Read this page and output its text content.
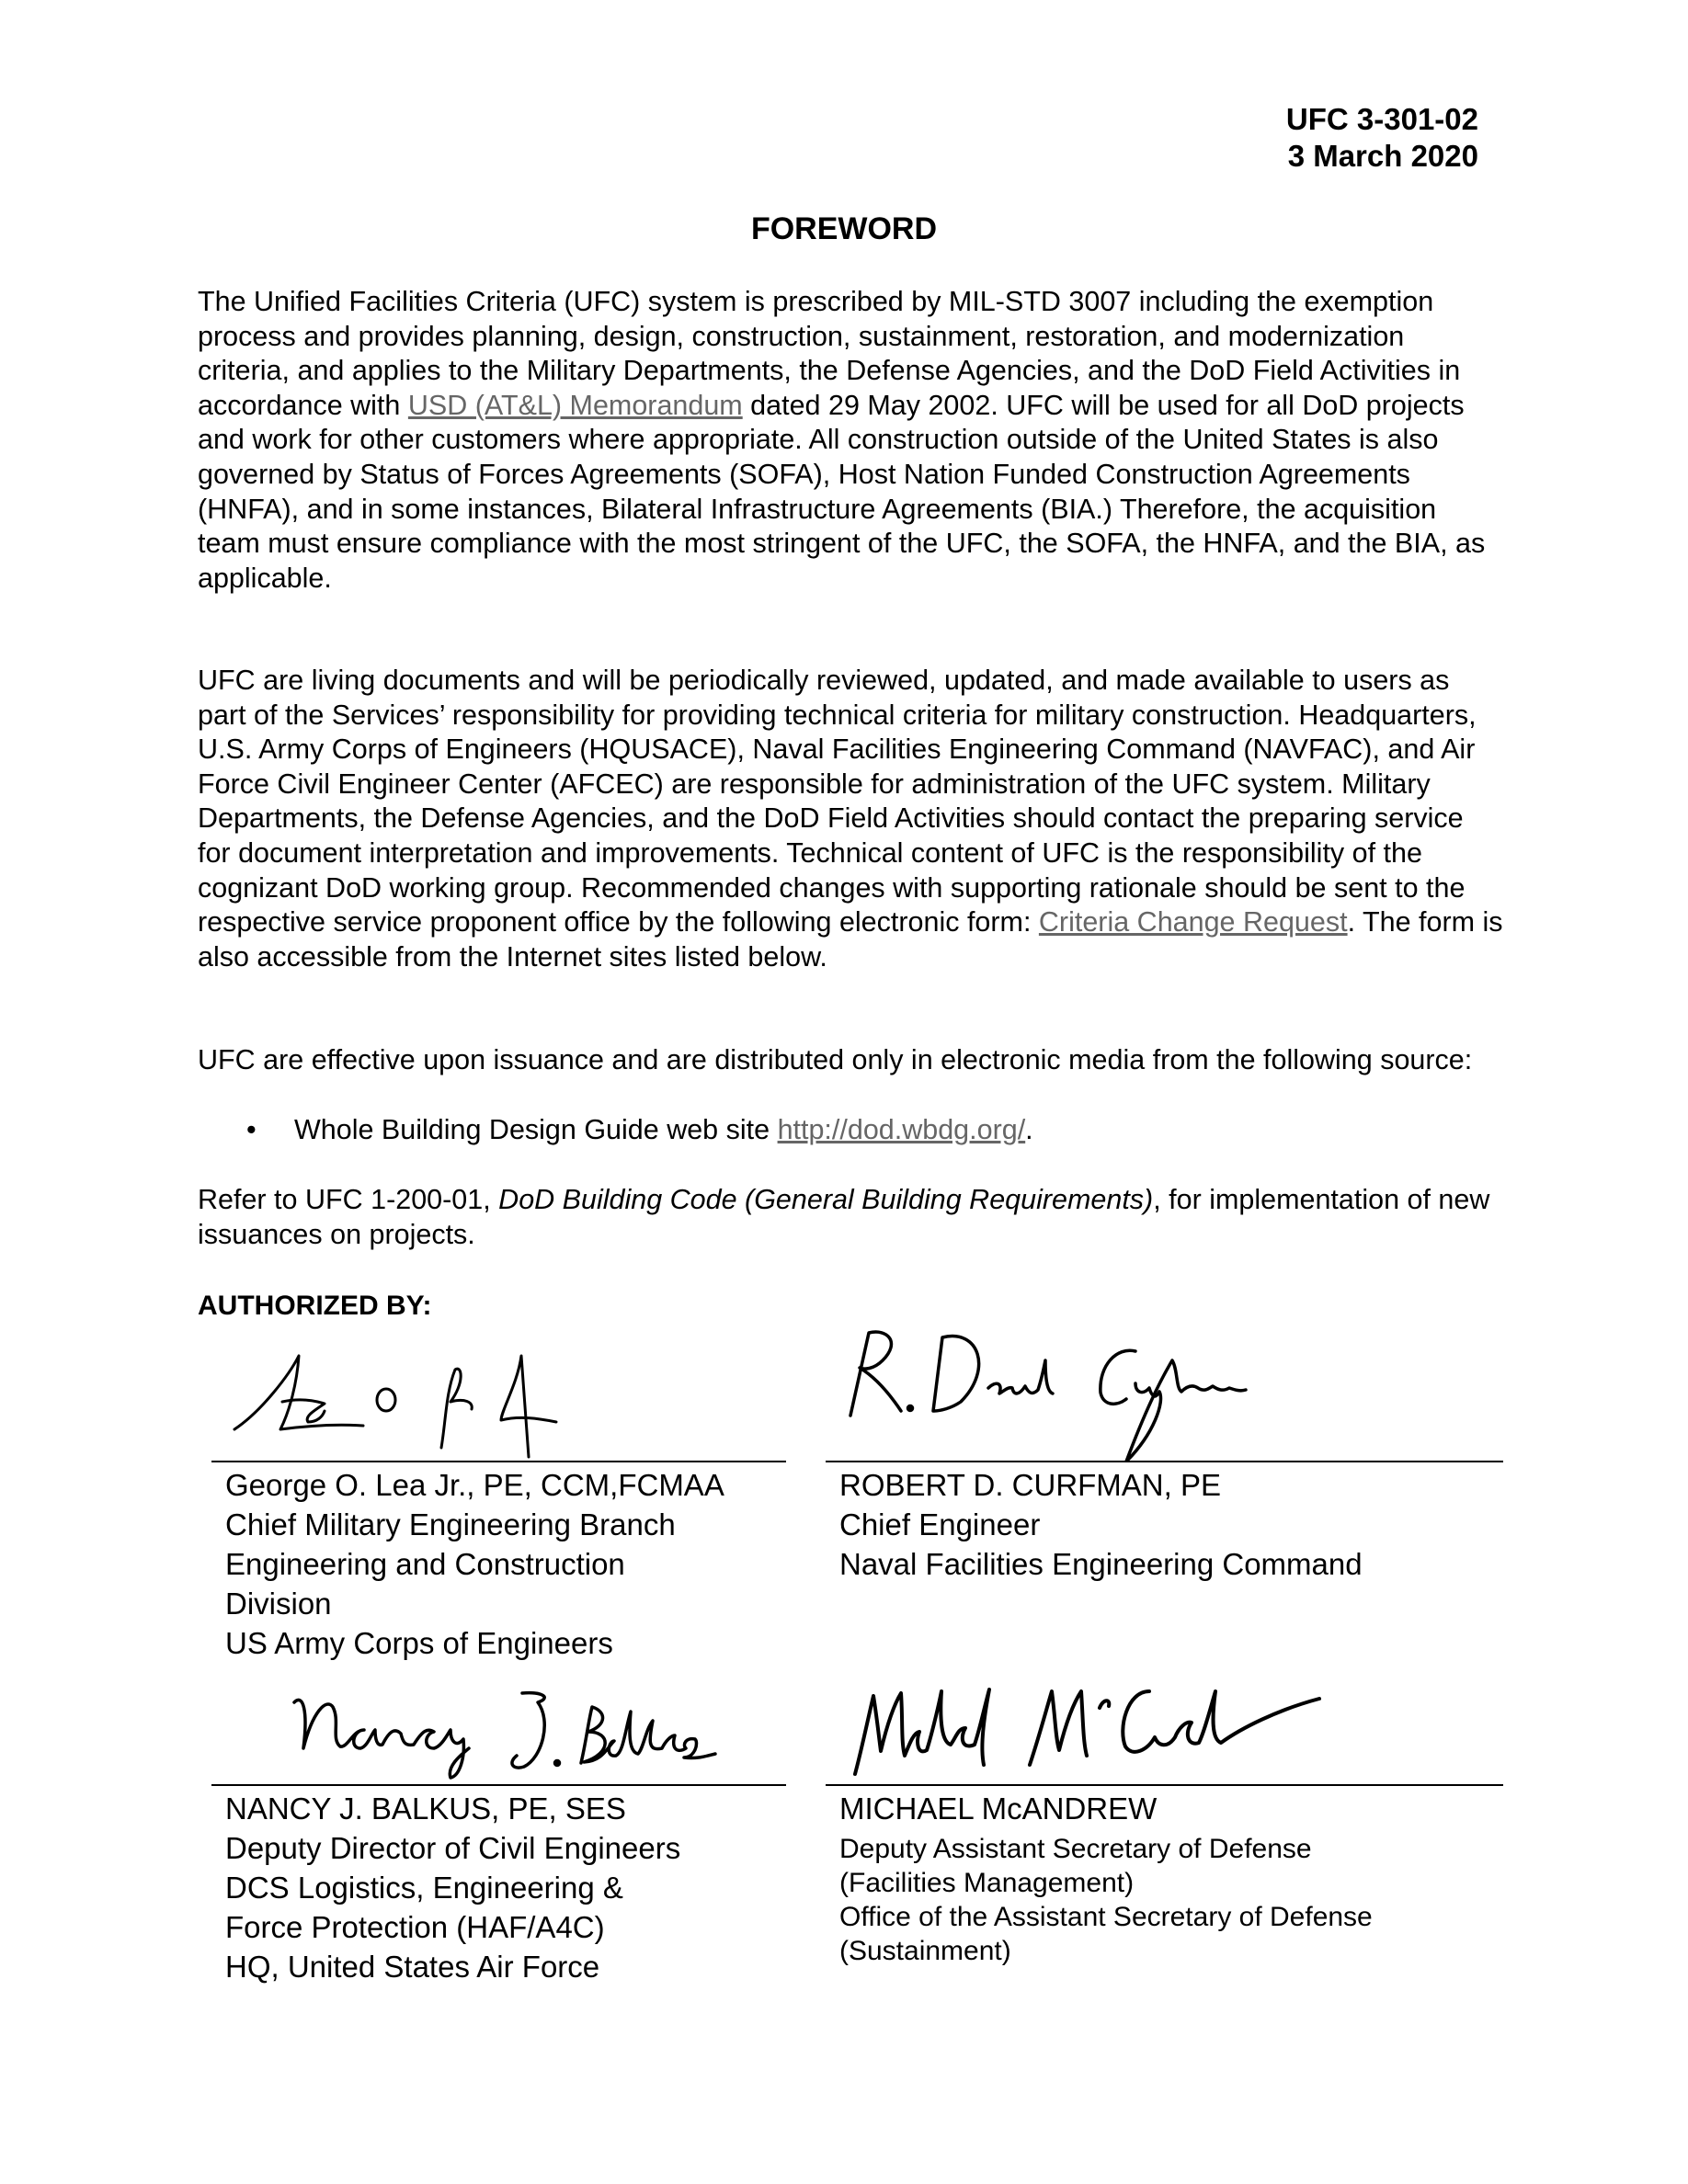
UFC 3-301-02
3 March 2020
FOREWORD

The Unified Facilities Criteria (UFC) system is prescribed by MIL-STD 3007 including the exemption process and provides planning, design, construction, sustainment, restoration, and modernization criteria, and applies to the Military Departments, the Defense Agencies, and the DoD Field Activities in accordance with USD (AT&L) Memorandum dated 29 May 2002. UFC will be used for all DoD projects and work for other customers where appropriate. All construction outside of the United States is also governed by Status of Forces Agreements (SOFA), Host Nation Funded Construction Agreements (HNFA), and in some instances, Bilateral Infrastructure Agreements (BIA.) Therefore, the acquisition team must ensure compliance with the most stringent of the UFC, the SOFA, the HNFA, and the BIA, as applicable.

UFC are living documents and will be periodically reviewed, updated, and made available to users as part of the Services’ responsibility for providing technical criteria for military construction. Headquarters, U.S. Army Corps of Engineers (HQUSACE), Naval Facilities Engineering Command (NAVFAC), and Air Force Civil Engineer Center (AFCEC) are responsible for administration of the UFC system. Military Departments, the Defense Agencies, and the DoD Field Activities should contact the preparing service for document interpretation and improvements. Technical content of UFC is the responsibility of the cognizant DoD working group. Recommended changes with supporting rationale should be sent to the respective service proponent office by the following electronic form: Criteria Change Request. The form is also accessible from the Internet sites listed below.

UFC are effective upon issuance and are distributed only in electronic media from the following source:
• Whole Building Design Guide web site http://dod.wbdg.org/.

Refer to UFC 1-200-01, DoD Building Code (General Building Requirements), for implementation of new issuances on projects.

AUTHORIZED BY:
George O. Lea Jr., PE, CCM,FCMAA
Chief Military Engineering Branch
Engineering and Construction
Division
US Army Corps of Engineers
ROBERT D. CURFMAN, PE
Chief Engineer
Naval Facilities Engineering Command
NANCY J. BALKUS, PE, SES
Deputy Director of Civil Engineers
DCS Logistics, Engineering &
Force Protection (HAF/A4C)
HQ, United States Air Force
MICHAEL McANDREW
Deputy Assistant Secretary of Defense
(Facilities Management)
Office of the Assistant Secretary of Defense
(Sustainment)
